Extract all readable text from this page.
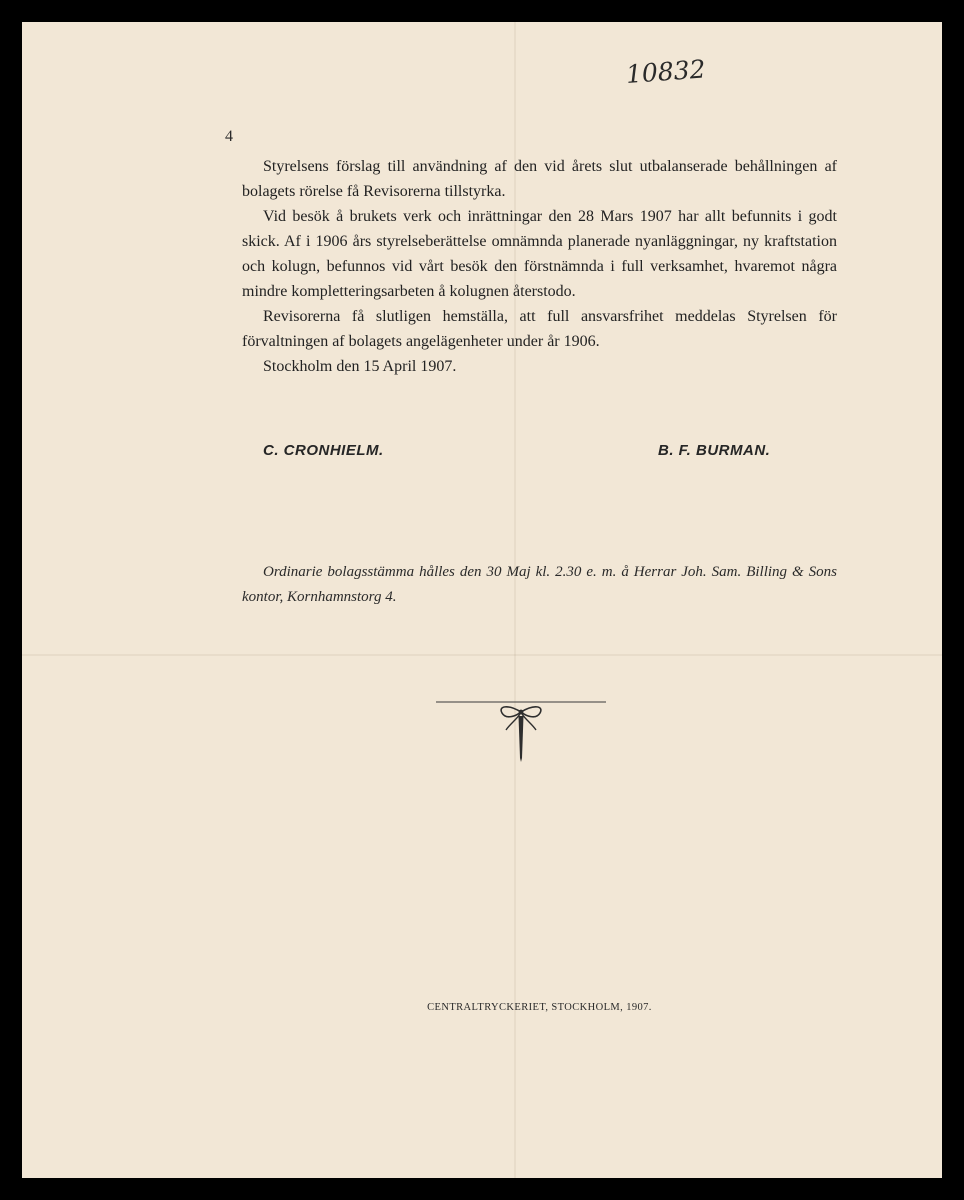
10832
4

Styrelsens förslag till användning af den vid årets slut utbalanserade behållningen af bolagets rörelse få Revisorerna tillstyrka.

Vid besök å brukets verk och inrättningar den 28 Mars 1907 har allt befunnits i godt skick. Af i 1906 års styrelseberättelse omnämnda planerade nyanläggningar, ny kraftstation och kolugn, befunnos vid vårt besök den förstnämnda i full verksamhet, hvaremot några mindre kompletteringsarbeten å kolugnen återstodo.

Revisorerna få slutligen hemställa, att full ansvarsfrihet meddelas Styrelsen för förvaltningen af bolagets angelägenheter under år 1906.

Stockholm den 15 April 1907.

C. CRONHIELM.	B. F. BURMAN.

Ordinarie bolagsstämma hålles den 30 Maj kl. 2.30 e. m. å Herrar Joh. Sam. Billing & Sons kontor, Kornhamnstorg 4.

CENTRALTRYCKERIET, STOCKHOLM, 1907.
